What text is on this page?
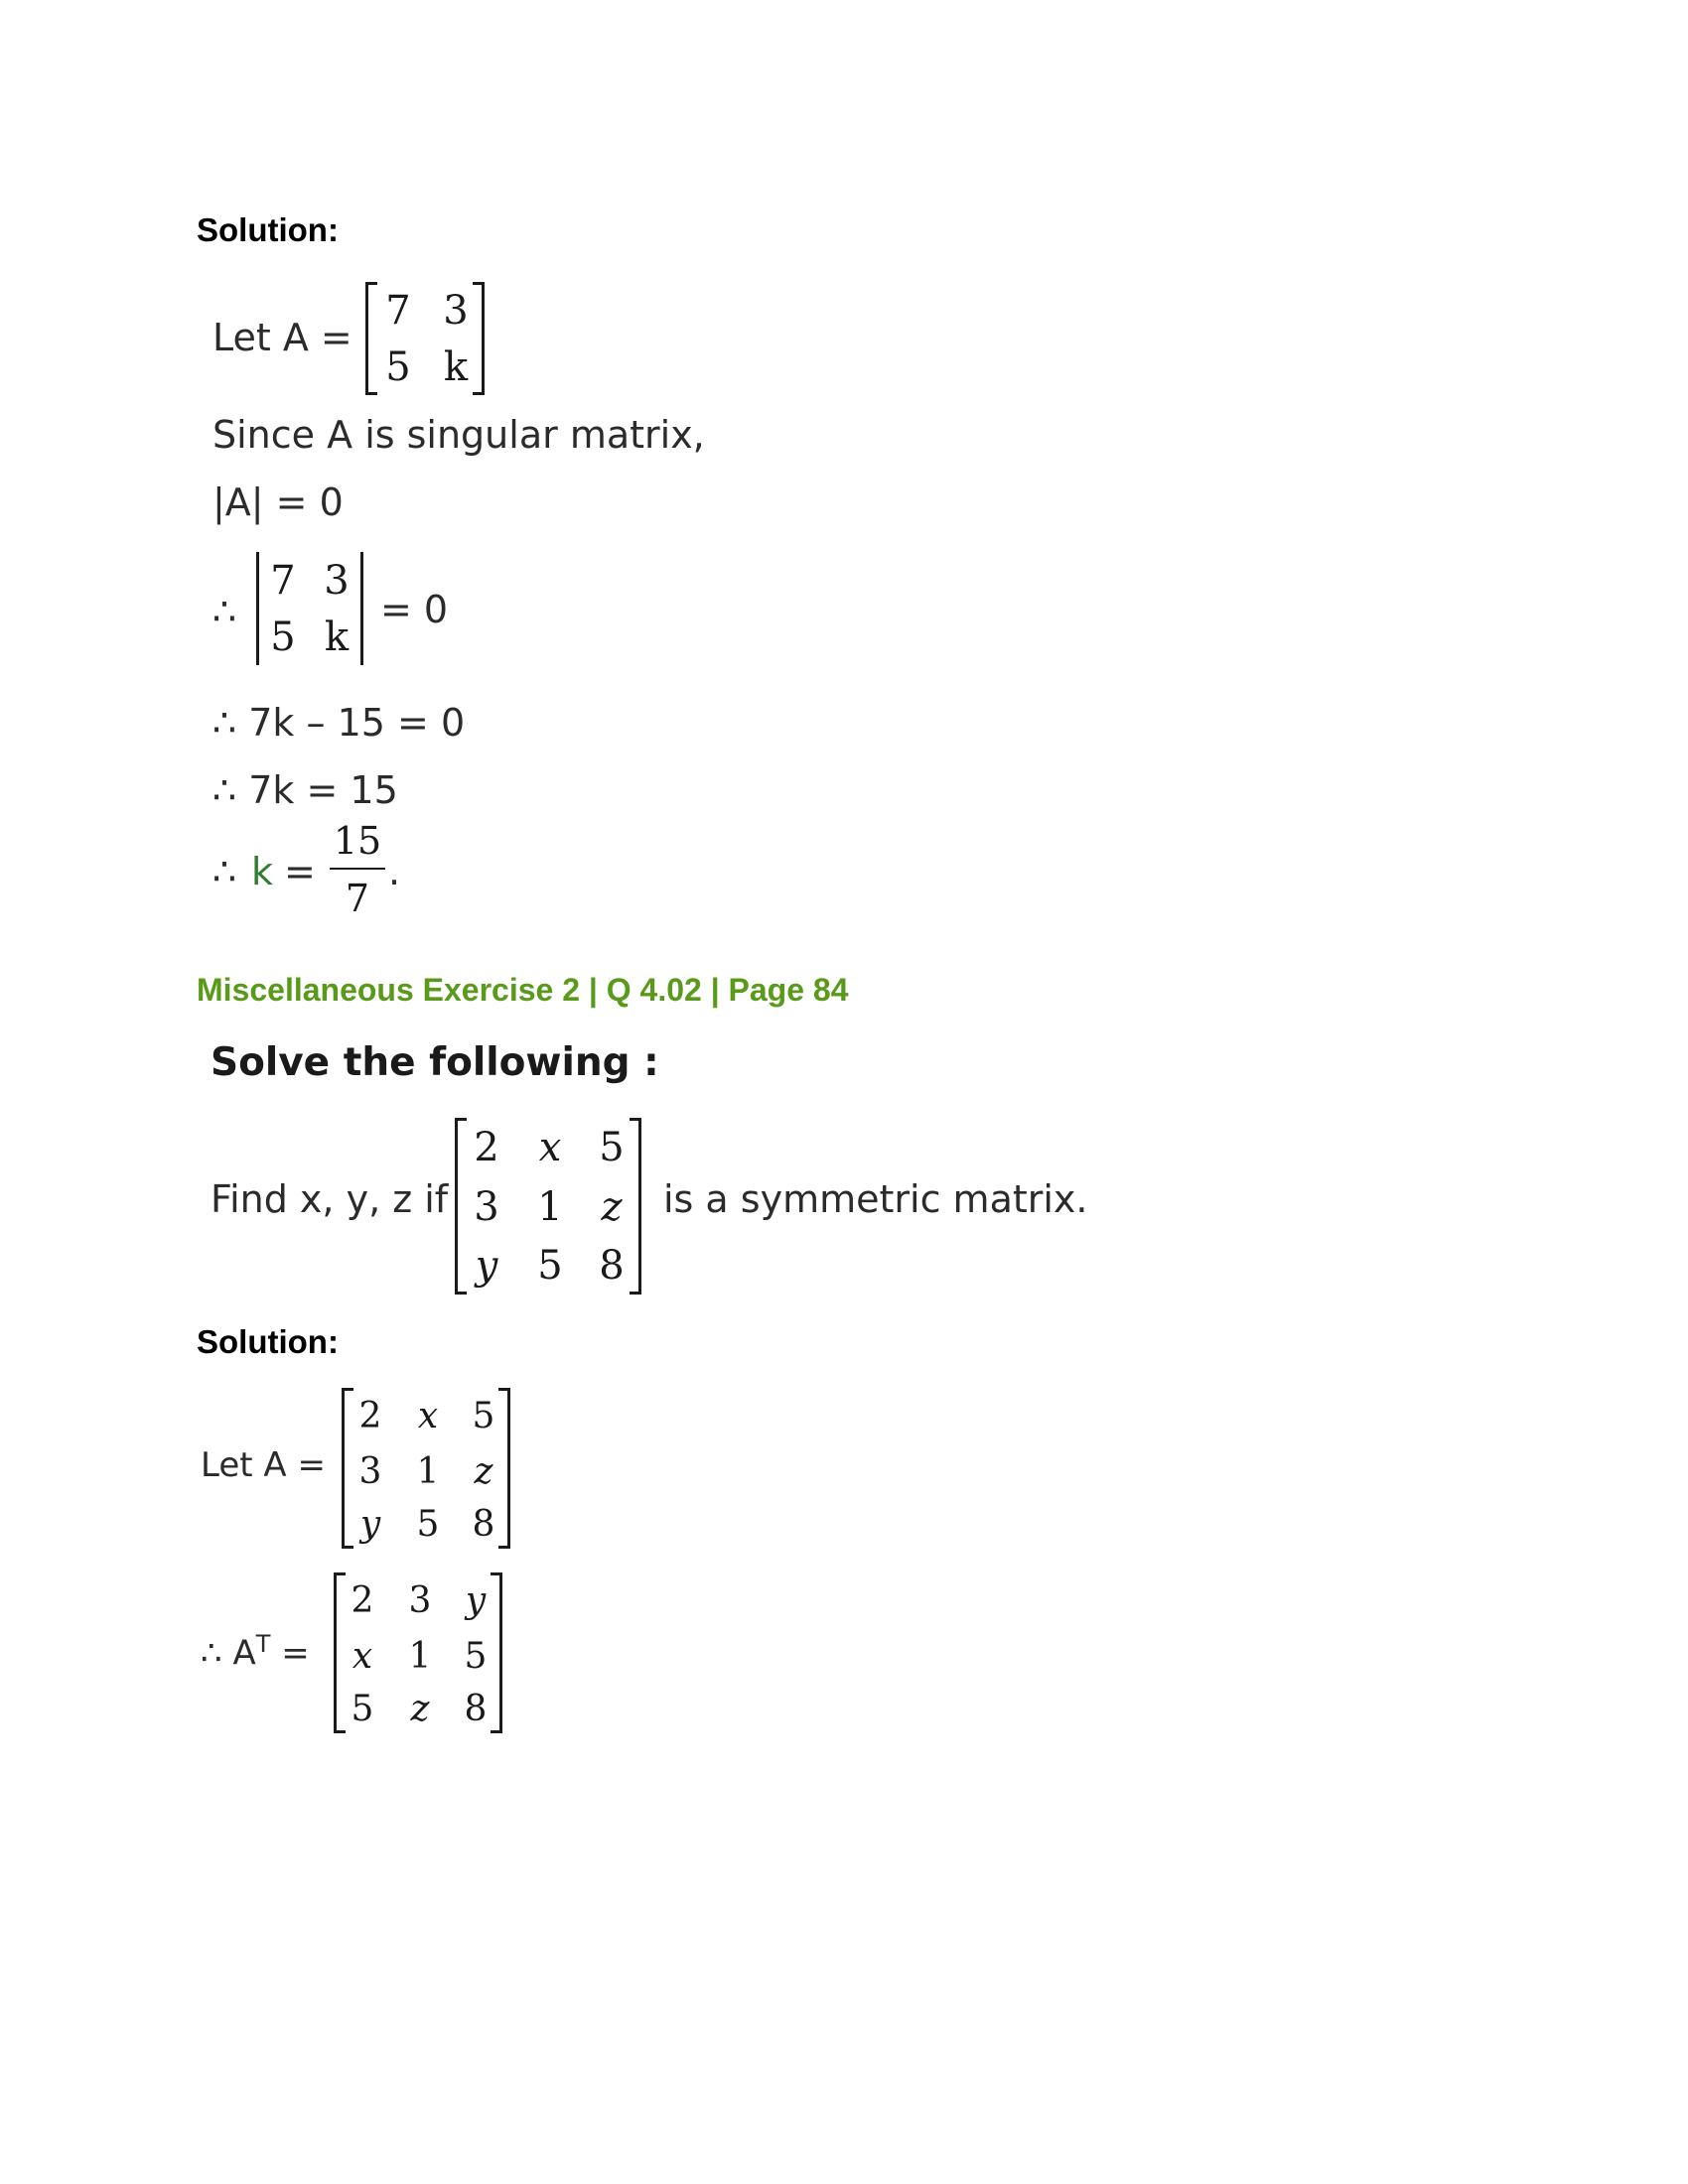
Solution:
Let A =
7 3
5 k
Since A is singular matrix,
|A| = 0
∴
7 3
5 k
= 0
∴ 7k – 15 = 0
∴ 7k = 15
∴ k =
15
7
.
Miscellaneous Exercise 2 | Q 4.02 | Page 84
Solve the following :
Find x, y, z if
2	x 5
3 1 z
y 5 8
is a symmetric matrix.
Solution:
Let A =
2	x 5
3 1 z
y	5 8
∴ $A^T$ =
2 3 y
x	1 5
5	z 8
